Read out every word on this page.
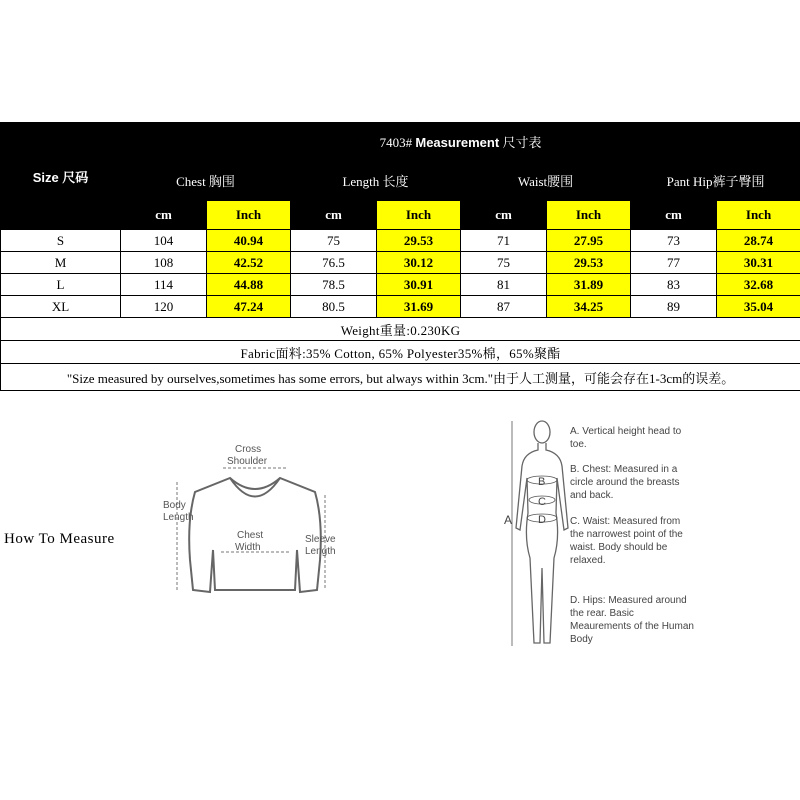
Size 尺码	7403# Measurement 尺寸表							
	Chest 胸围		Length 长度		Waist腰围		Pant Hip裤子臀围	
	cm	Inch	cm	Inch	cm	Inch	cm	Inch
S	104	40.94	75	29.53	71	27.95	73	28.74
M	108	42.52	76.5	30.12	75	29.53	77	30.31
L	114	44.88	78.5	30.91	81	31.89	83	32.68
XL	120	47.24	80.5	31.69	87	34.25	89	35.04
Weight重量:0.230KG								
Fabric面料:35% Cotton, 65% Polyester35%棉，65%聚酯								
"Size measured by ourselves,sometimes has some errors, but always within 3cm."由于人工测量，可能会存在1-3cm的误差。								
How To Measure
Cross
Shoulder
Body
Length
Chest
Width
Sleeve
Length
A
B
C
D
A. Vertical height head to toe.
B. Chest: Measured in a circle around the breasts and back.
C. Waist: Measured from the narrowest point of the waist. Body should be relaxed.
D. Hips: Measured around the rear. Basic Meaurements of the Human Body
